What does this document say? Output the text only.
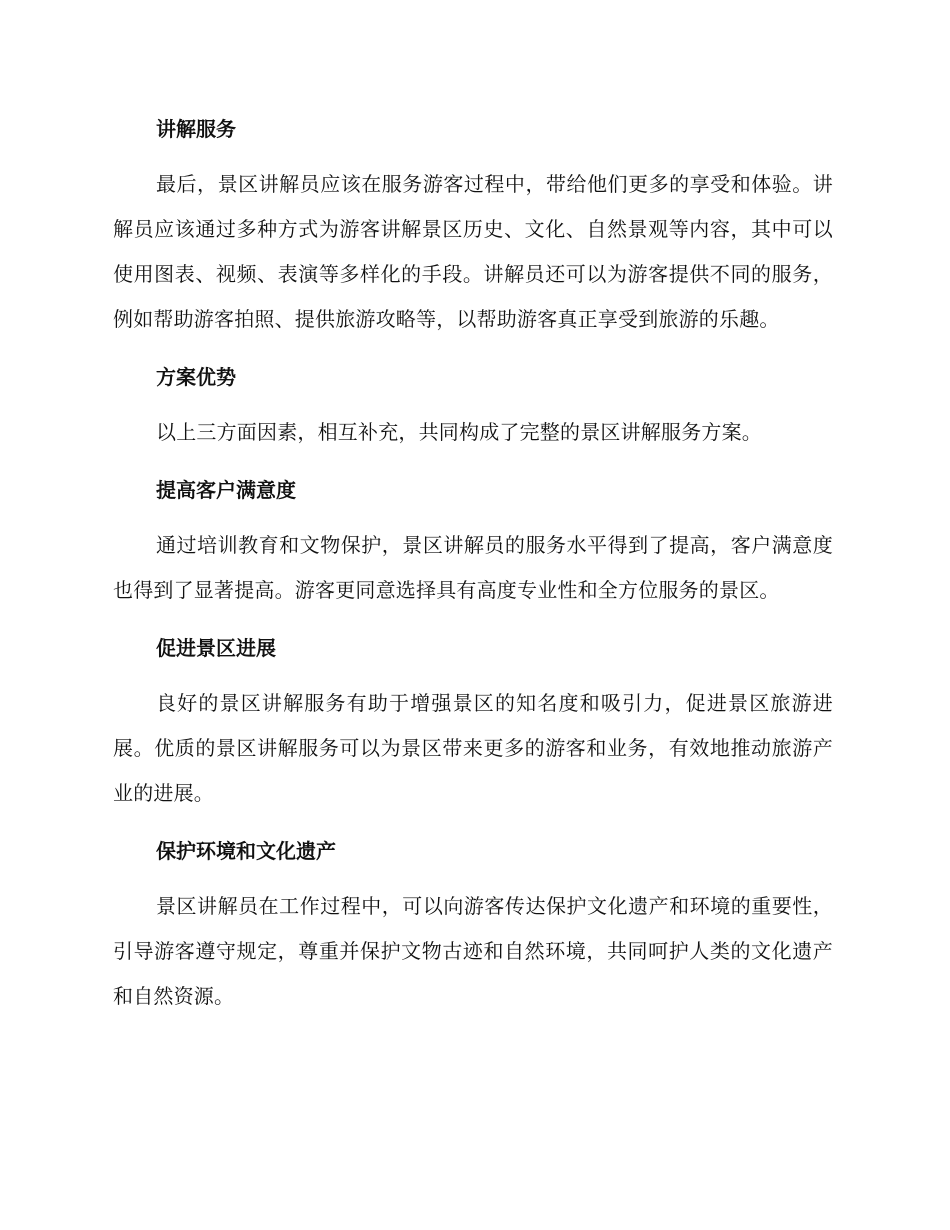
讲解服务

最后，景区讲解员应该在服务游客过程中，带给他们更多的享受和体验。讲解员应该通过多种方式为游客讲解景区历史、文化、自然景观等内容，其中可以使用图表、视频、表演等多样化的手段。讲解员还可以为游客提供不同的服务，例如帮助游客拍照、提供旅游攻略等，以帮助游客真正享受到旅游的乐趣。

方案优势

以上三方面因素，相互补充，共同构成了完整的景区讲解服务方案。

提高客户满意度

通过培训教育和文物保护，景区讲解员的服务水平得到了提高，客户满意度也得到了显著提高。游客更同意选择具有高度专业性和全方位服务的景区。

促进景区进展

良好的景区讲解服务有助于增强景区的知名度和吸引力，促进景区旅游进展。优质的景区讲解服务可以为景区带来更多的游客和业务，有效地推动旅游产业的进展。

保护环境和文化遗产

景区讲解员在工作过程中，可以向游客传达保护文化遗产和环境的重要性，引导游客遵守规定，尊重并保护文物古迹和自然环境，共同呵护人类的文化遗产和自然资源。
